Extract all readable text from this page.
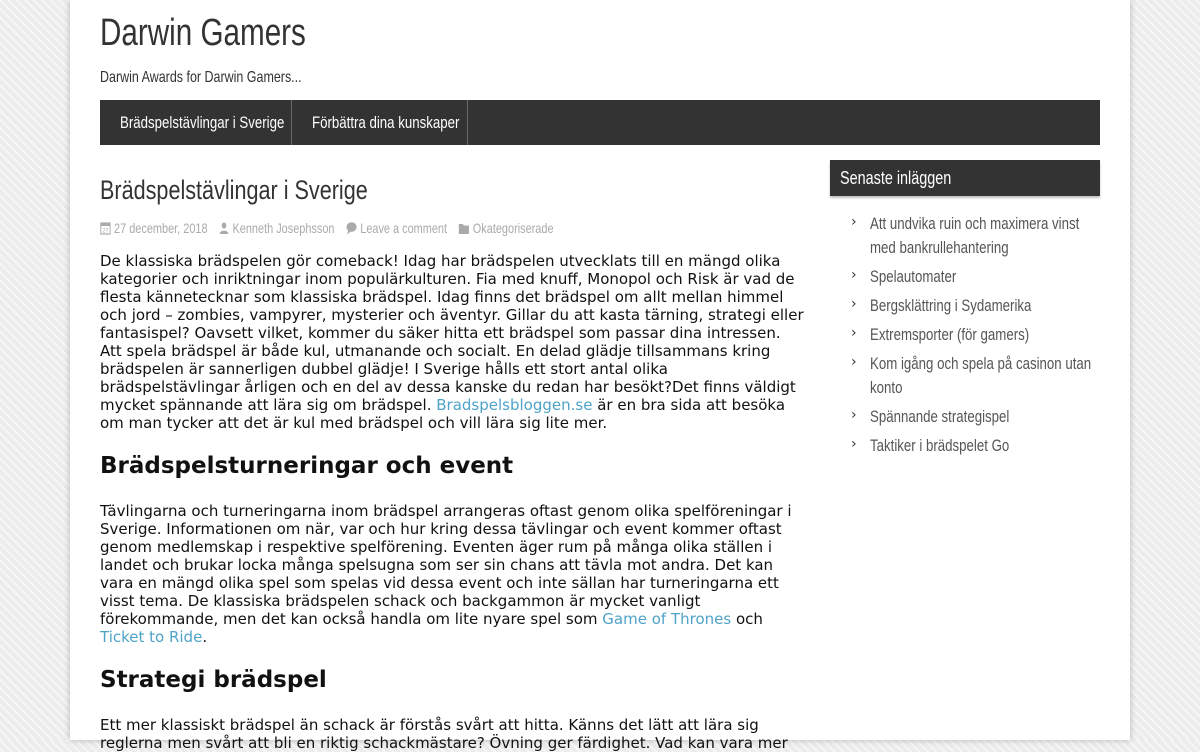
Darwin Gamers
Darwin Awards for Darwin Gamers...
Brädspelstävlingar i Sverige Förbättra dina kunskaper
Brädspelstävlingar i Sverige
27 27 december, 2018 Kenneth Josephsson Leave a comment Okategoriserade

De klassiska brädspelen gör comeback! Idag har brädspelen utvecklats till en mängd olika kategorier och inriktningar inom populärkulturen. Fia med knuff, Monopol och Risk är vad de flesta kännetecknar som klassiska brädspel. Idag finns det brädspel om allt mellan himmel och jord – zombies, vampyrer, mysterier och äventyr. Gillar du att kasta tärning, strategi eller fantasispel? Oavsett vilket, kommer du säker hitta ett brädspel som passar dina intressen. Att spela brädspel är både kul, utmanande och socialt. En delad glädje tillsammans kring brädspelen är sannerligen dubbel glädje! I Sverige hålls ett stort antal olika brädspelstävlingar årligen och en del av dessa kanske du redan har besökt?Det finns väldigt mycket spännande att lära sig om brädspel. Bradspelsbloggen.se är en bra sida att besöka om man tycker att det är kul med brädspel och vill lära sig lite mer.

Brädspelsturneringar och event

Tävlingarna och turneringarna inom brädspel arrangeras oftast genom olika spelföreningar i Sverige. Informationen om när, var och hur kring dessa tävlingar och event kommer oftast genom medlemskap i respektive spelförening. Eventen äger rum på många olika ställen i landet och brukar locka många spelsugna som ser sin chans att tävla mot andra. Det kan vara en mängd olika spel som spelas vid dessa event och inte sällan har turneringarna ett visst tema. De klassiska brädspelen schack och backgammon är mycket vanligt förekommande, men det kan också handla om lite nyare spel som Game of Thrones och Ticket to Ride.

Strategi brädspel

Ett mer klassiskt brädspel än schack är förstås svårt att hitta. Känns det lätt att lära sig reglerna men svårt att bli en riktig schackmästare? Övning ger färdighet. Vad kan vara mer

Senaste inläggen
› Att undvika ruin och maximera vinst med bankrullehantering
› Spelautomater
› Bergsklättring i Sydamerika
› Extremsporter (för gamers)
› Kom igång och spela på casinon utan konto
› Spännande strategispel
› Taktiker i brädspelet Go
